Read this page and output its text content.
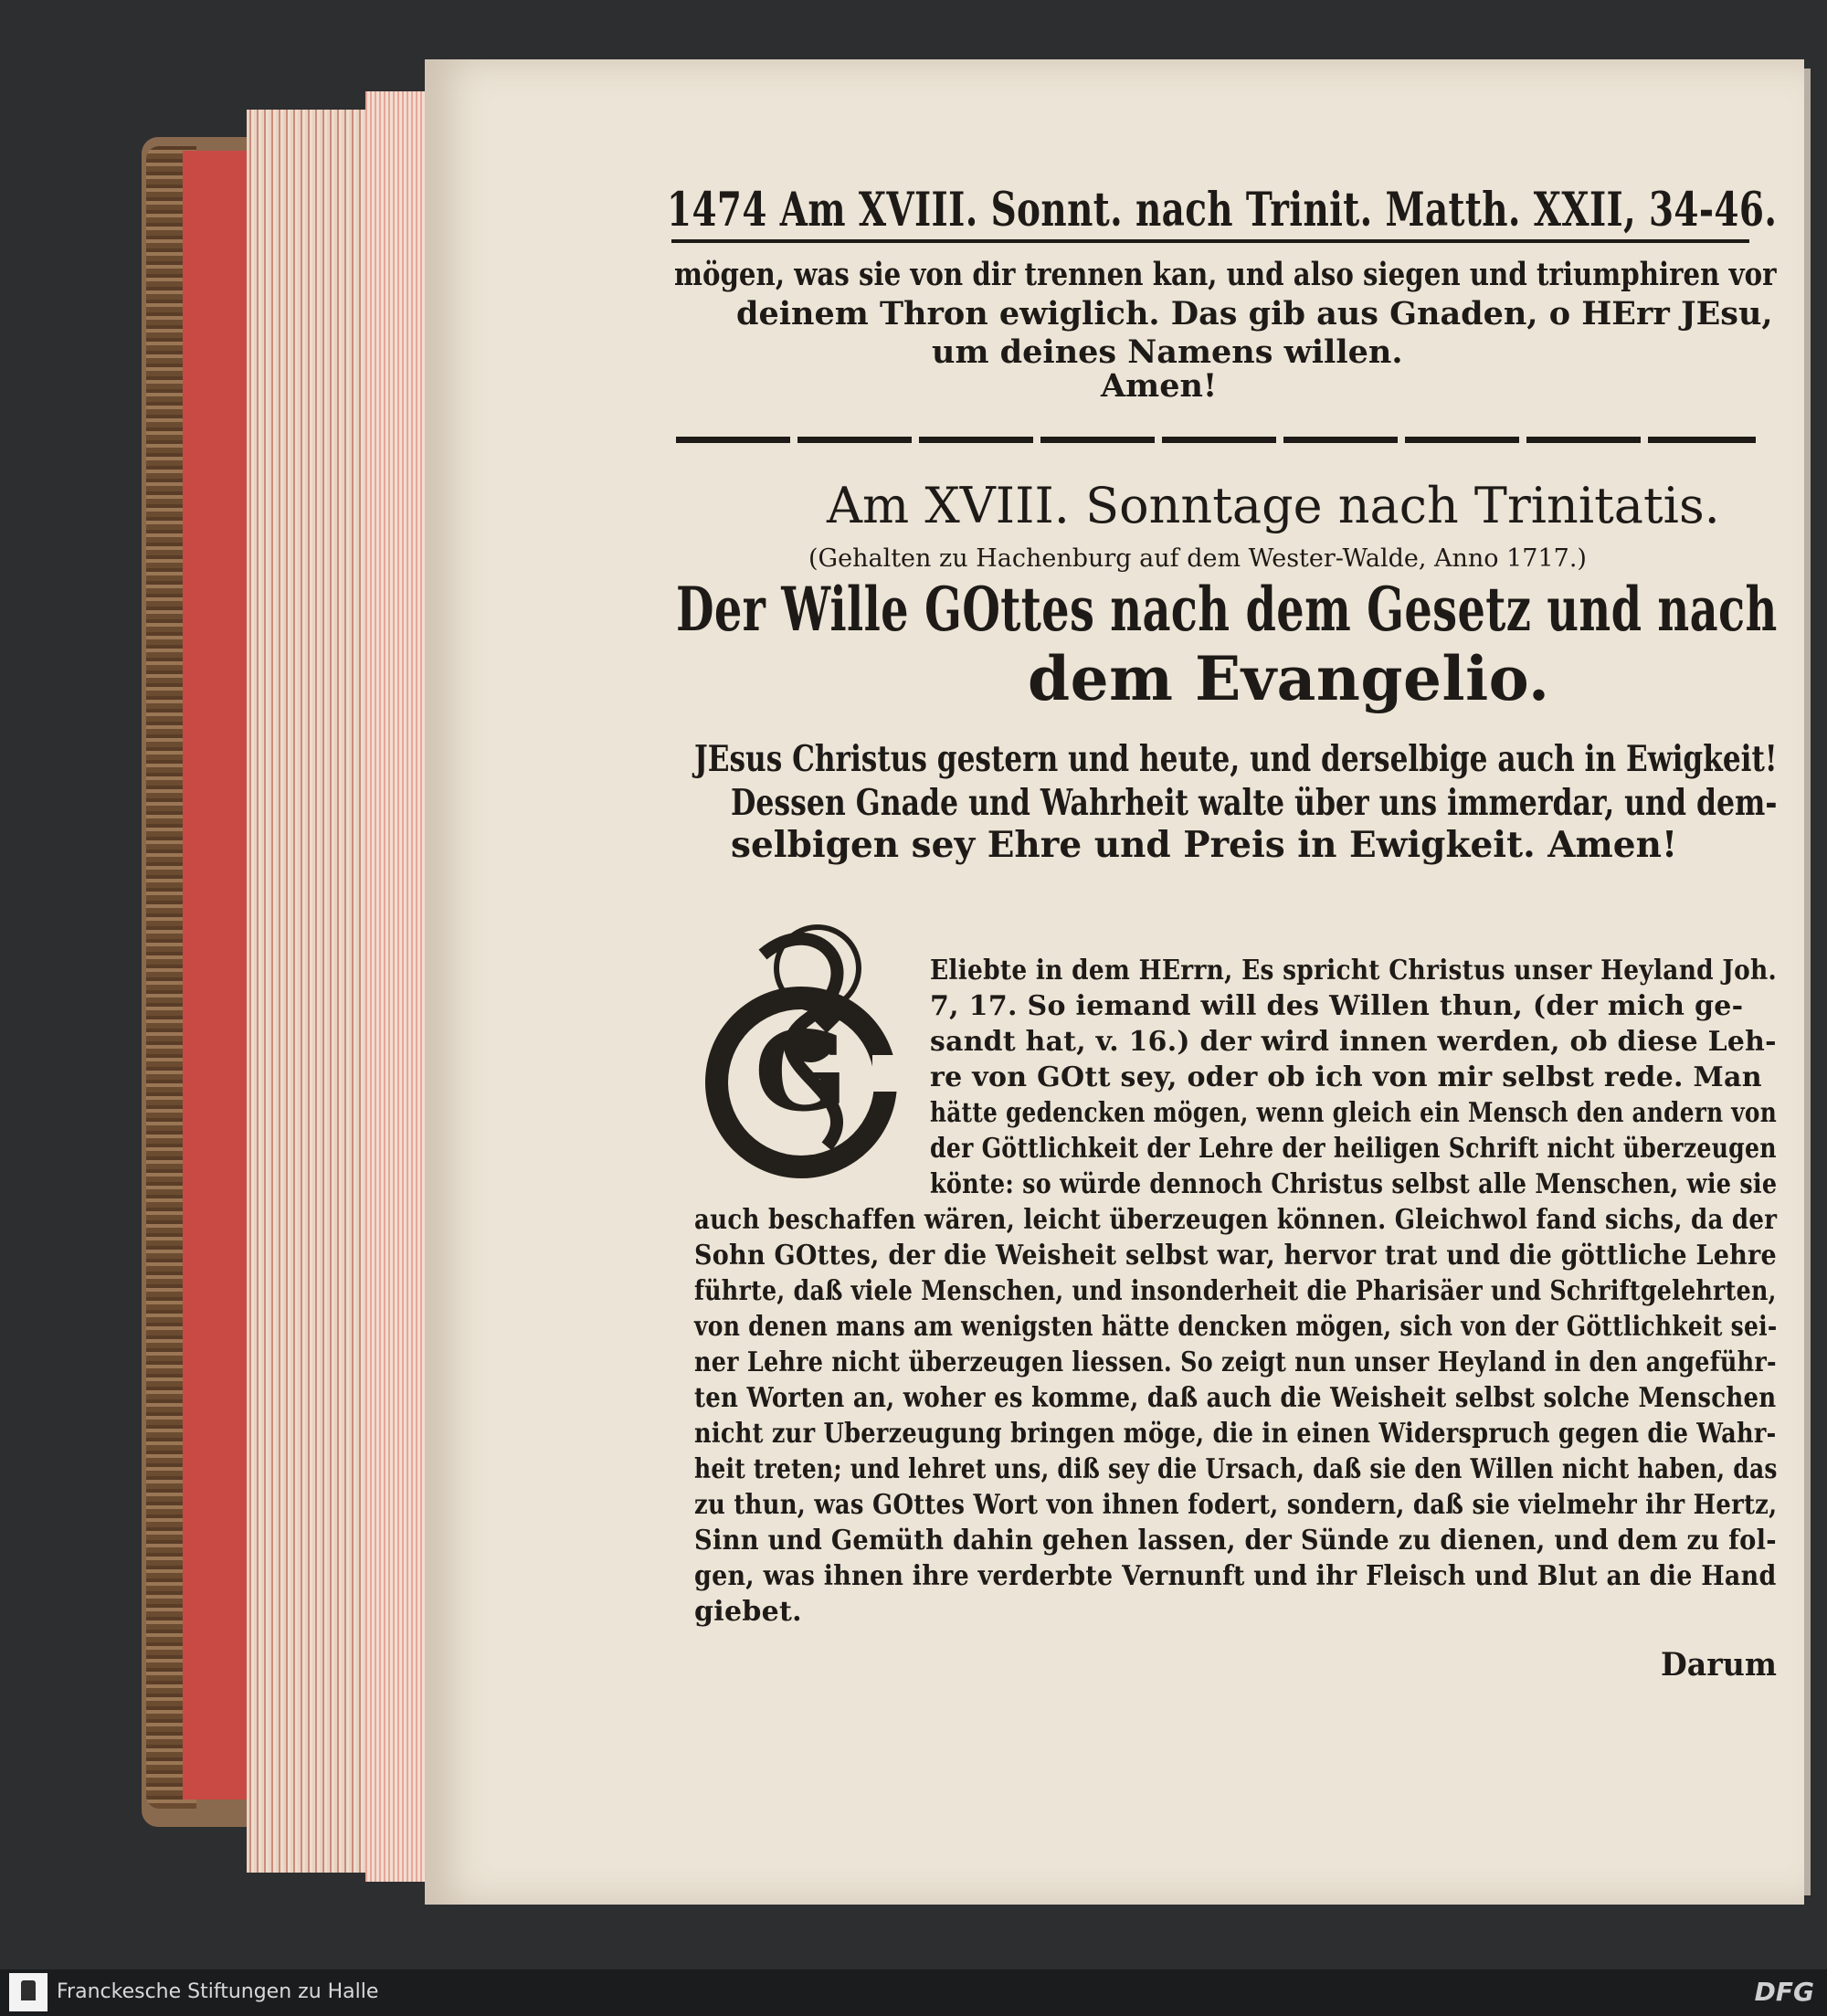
1474 Am XVIII. Sonnt. nach Trinit. Matth. XXII, 34-46.
mögen, was sie von dir trennen kan, und also siegen und triumphiren vor
deinem Thron ewiglich. Das gib aus Gnaden, o HErr JEsu,
um deines Namens willen.
Amen!
Am XVIII. Sonntage nach Trinitatis.
(Gehalten zu Hachenburg auf dem Wester-Walde, Anno 1717.)
Der Wille GOttes nach dem Gesetz und nach
dem Evangelio.
JEsus Christus gestern und heute, und derselbige auch in Ewigkeit!
Dessen Gnade und Wahrheit walte über uns immerdar, und dem-
selbigen sey Ehre und Preis in Ewigkeit. Amen!
G
Eliebte in dem HErrn, Es spricht Christus unser Heyland Joh.
7, 17. So iemand will des Willen thun, (der mich ge-
sandt hat, v. 16.) der wird innen werden, ob diese Leh-
re von GOtt sey, oder ob ich von mir selbst rede. Man
hätte gedencken mögen, wenn gleich ein Mensch den andern von
der Göttlichkeit der Lehre der heiligen Schrift nicht überzeugen
könte: so würde dennoch Christus selbst alle Menschen, wie sie
auch beschaffen wären, leicht überzeugen können. Gleichwol fand sichs, da der
Sohn GOttes, der die Weisheit selbst war, hervor trat und die göttliche Lehre
führte, daß viele Menschen, und insonderheit die Pharisäer und Schriftgelehrten,
von denen mans am wenigsten hätte dencken mögen, sich von der Göttlichkeit sei-
ner Lehre nicht überzeugen liessen. So zeigt nun unser Heyland in den angeführ-
ten Worten an, woher es komme, daß auch die Weisheit selbst solche Menschen
nicht zur Uberzeugung bringen möge, die in einen Widerspruch gegen die Wahr-
heit treten; und lehret uns, diß sey die Ursach, daß sie den Willen nicht haben, das
zu thun, was GOttes Wort von ihnen fodert, sondern, daß sie vielmehr ihr Hertz,
Sinn und Gemüth dahin gehen lassen, der Sünde zu dienen, und dem zu fol-
gen, was ihnen ihre verderbte Vernunft und ihr Fleisch und Blut an die Hand
giebet.
Darum
Franckesche Stiftungen zu Halle	DFG
